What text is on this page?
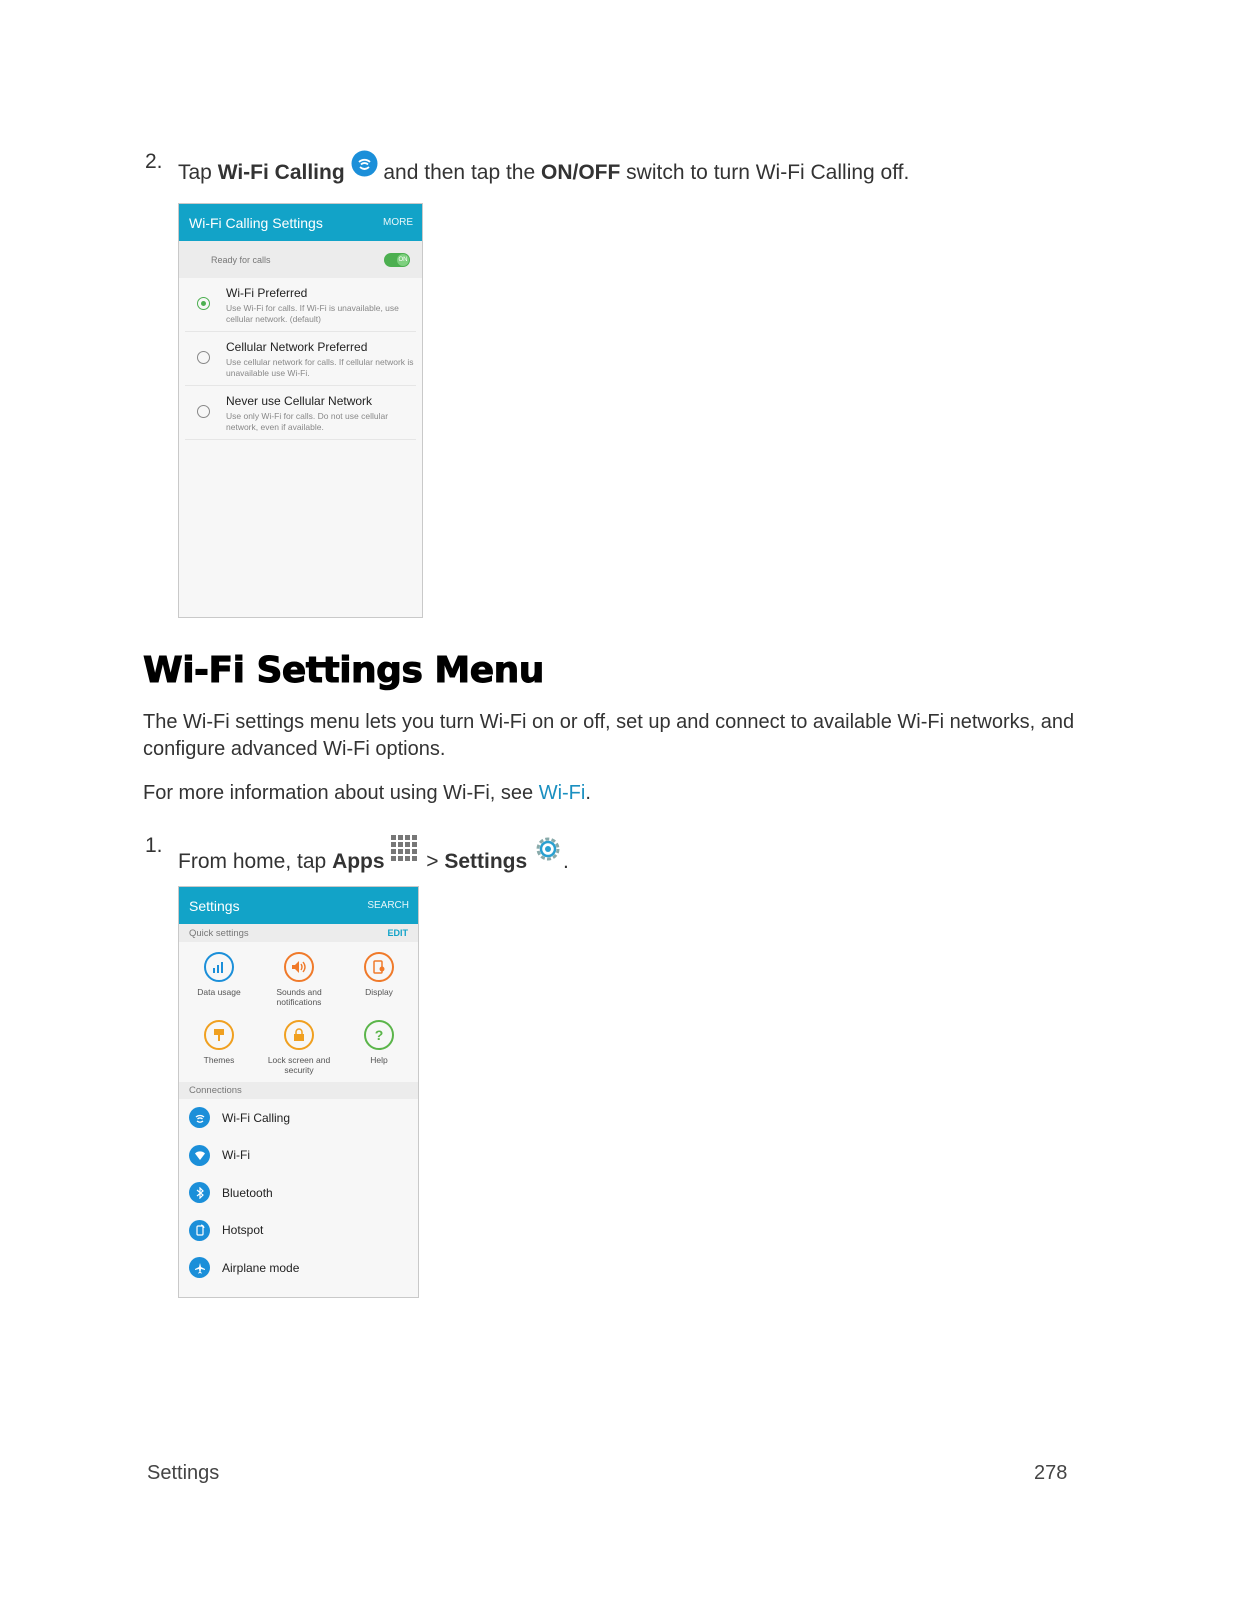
2. Tap Wi-Fi Calling  and then tap the ON/OFF switch to turn Wi-Fi Calling off.
Wi-Fi Calling Settings	MORE
Ready for calls	ON
Wi-Fi Preferred
Use Wi-Fi for calls. If Wi-Fi is unavailable, use cellular network. (default)
Cellular Network Preferred
Use cellular network for calls. If cellular network is unavailable use Wi-Fi.
Never use Cellular Network
Use only Wi-Fi for calls. Do not use cellular network, even if available.
Wi-Fi Settings Menu
The Wi-Fi settings menu lets you turn Wi-Fi on or off, set up and connect to available Wi-Fi networks, and configure advanced Wi-Fi options.
For more information about using Wi-Fi, see Wi-Fi.
1.
From home, tap Apps  > Settings .
Settings	SEARCH
Quick settings	EDIT
Data usage	Sounds and notifications
Display
Themes	Lock screen and security
?
Help
Connections
Wi-Fi Calling
Wi-Fi
Bluetooth
Hotspot
Airplane mode
Settings	278
